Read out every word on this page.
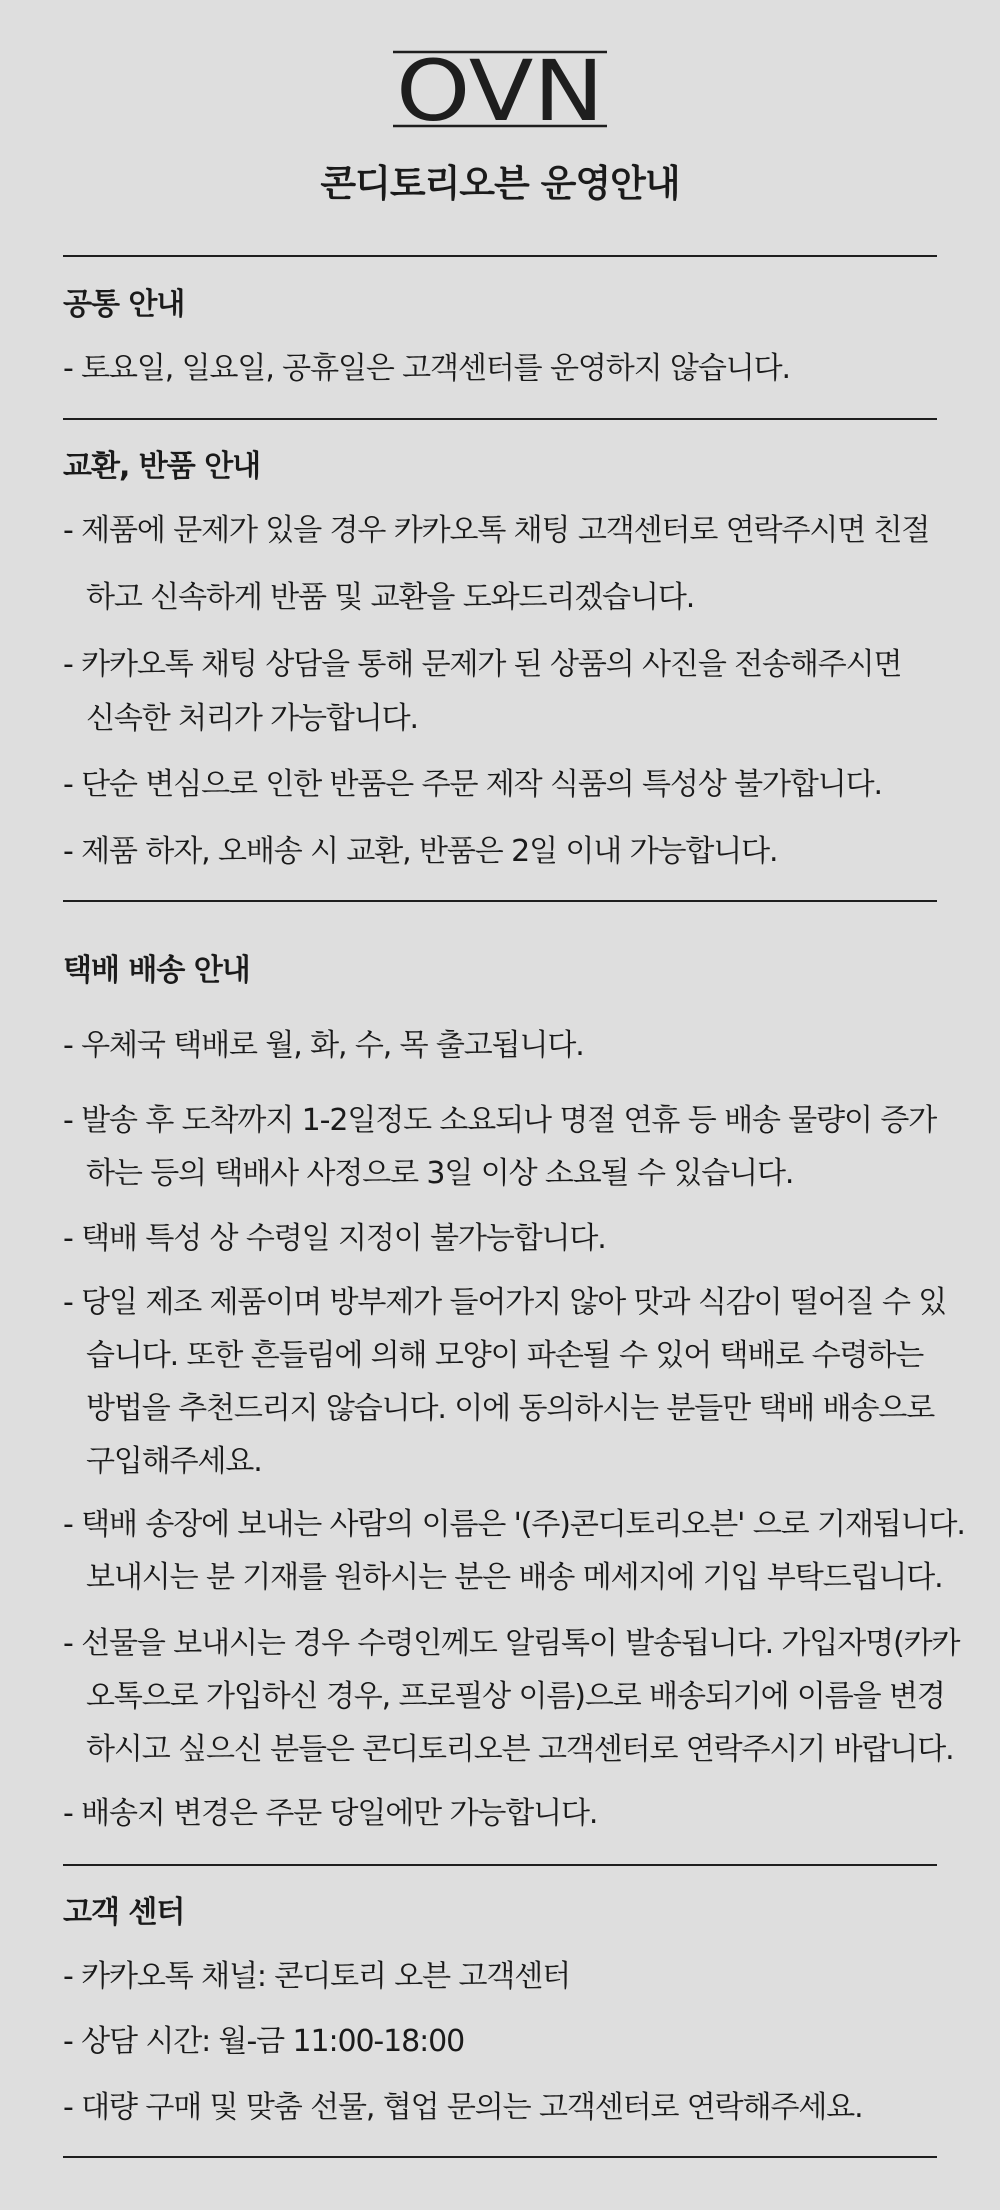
OVN
콘디토리오븐 운영안내
공통 안내
- 토요일, 일요일, 공휴일은 고객센터를 운영하지 않습니다.
교환, 반품 안내
- 제품에 문제가 있을 경우 카카오톡 채팅 고객센터로 연락주시면 친절
하고 신속하게 반품 및 교환을 도와드리겠습니다.
- 카카오톡 채팅 상담을 통해 문제가 된 상품의 사진을 전송해주시면
신속한 처리가 가능합니다.
- 단순 변심으로 인한 반품은 주문 제작 식품의 특성상 불가합니다.
- 제품 하자, 오배송 시 교환, 반품은 2일 이내 가능합니다.
택배 배송 안내
- 우체국 택배로 월, 화, 수, 목 출고됩니다.
- 발송 후 도착까지 1-2일정도 소요되나 명절 연휴 등 배송 물량이 증가
하는 등의 택배사 사정으로 3일 이상 소요될 수 있습니다.
- 택배 특성 상 수령일 지정이 불가능합니다.
- 당일 제조 제품이며 방부제가 들어가지 않아 맛과 식감이 떨어질 수 있
습니다. 또한 흔들림에 의해 모양이 파손될 수 있어 택배로 수령하는
방법을 추천드리지 않습니다. 이에 동의하시는 분들만 택배 배송으로
구입해주세요.
- 택배 송장에 보내는 사람의 이름은 '(주)콘디토리오븐' 으로 기재됩니다.
보내시는 분 기재를 원하시는 분은 배송 메세지에 기입 부탁드립니다.
- 선물을 보내시는 경우 수령인께도 알림톡이 발송됩니다. 가입자명(카카
오톡으로 가입하신 경우, 프로필상 이름)으로 배송되기에 이름을 변경
하시고 싶으신 분들은 콘디토리오븐 고객센터로 연락주시기 바랍니다.
- 배송지 변경은 주문 당일에만 가능합니다.
고객 센터
- 카카오톡 채널: 콘디토리 오븐 고객센터
- 상담 시간: 월-금 11:00-18:00
- 대량 구매 및 맞춤 선물, 협업 문의는 고객센터로 연락해주세요.
